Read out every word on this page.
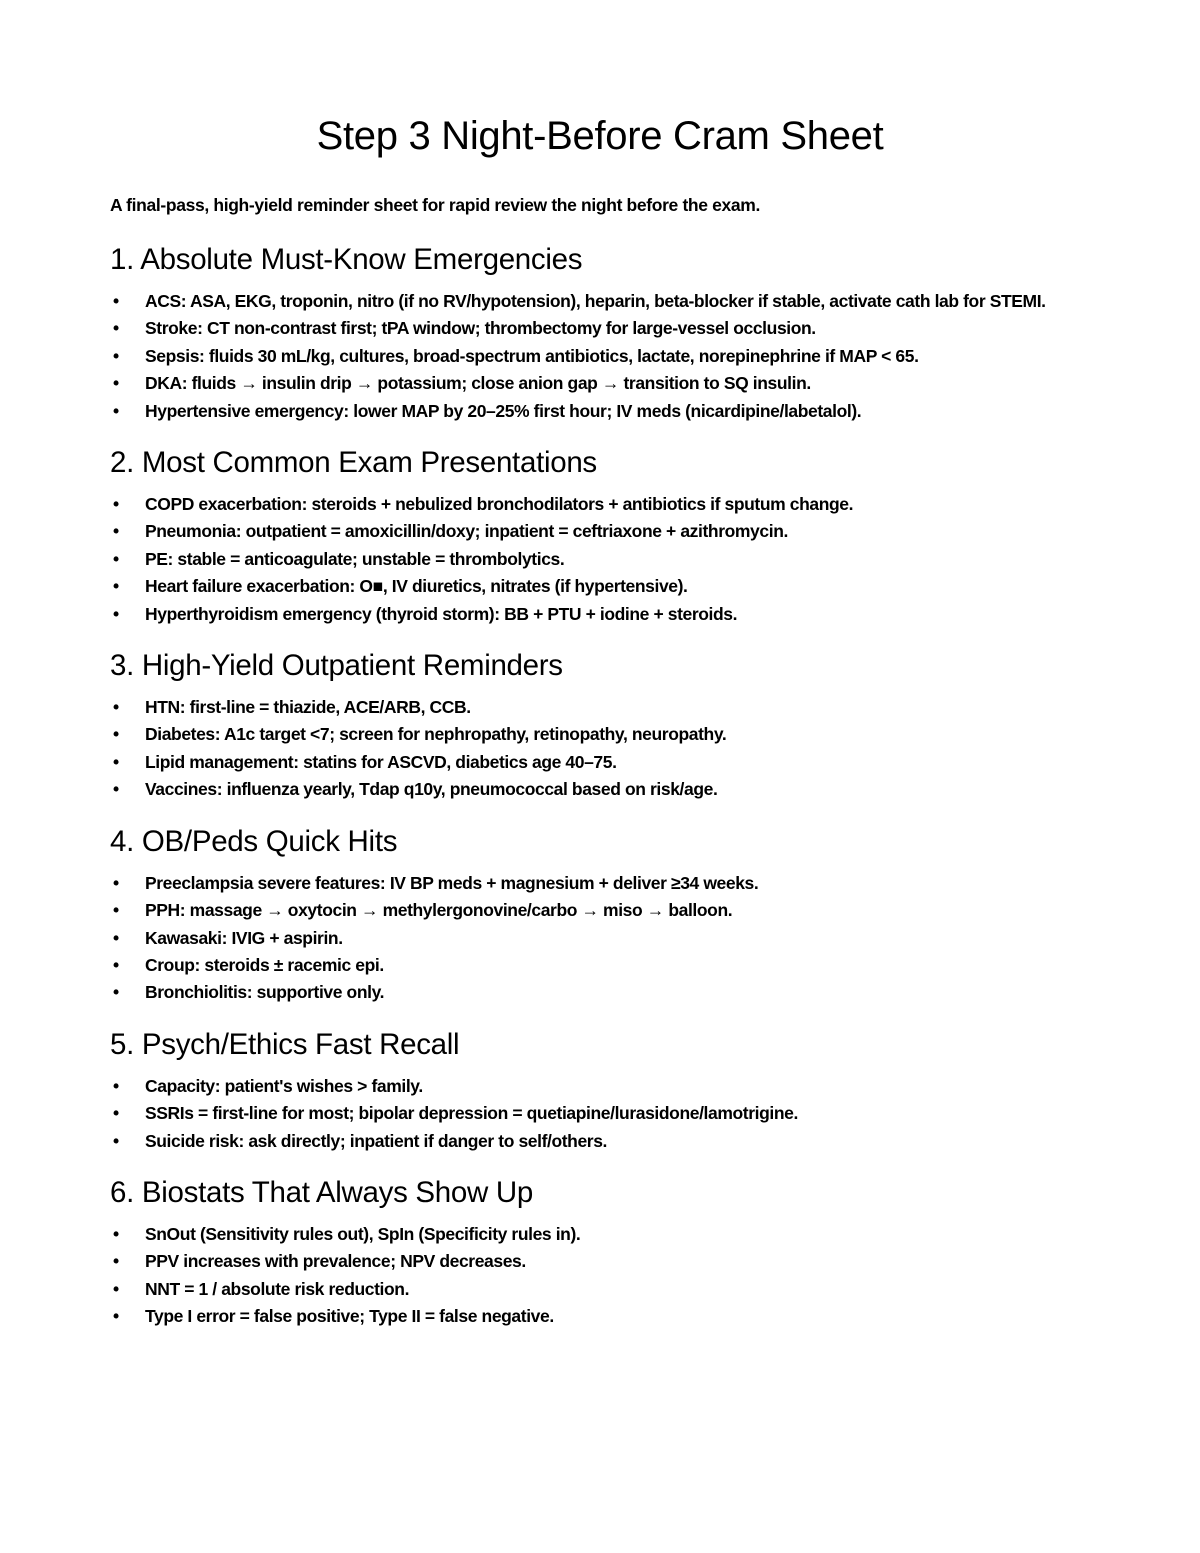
Step 3 Night-Before Cram Sheet

A final-pass, high-yield reminder sheet for rapid review the night before the exam.

1. Absolute Must-Know Emergencies
• ACS: ASA, EKG, troponin, nitro (if no RV/hypotension), heparin, beta-blocker if stable, activate cath lab for STEMI.
• Stroke: CT non-contrast first; tPA window; thrombectomy for large-vessel occlusion.
• Sepsis: fluids 30 mL/kg, cultures, broad-spectrum antibiotics, lactate, norepinephrine if MAP < 65.
• DKA: fluids → insulin drip → potassium; close anion gap → transition to SQ insulin.
• Hypertensive emergency: lower MAP by 20–25% first hour; IV meds (nicardipine/labetalol).
2. Most Common Exam Presentations
• COPD exacerbation: steroids + nebulized bronchodilators + antibiotics if sputum change.
• Pneumonia: outpatient = amoxicillin/doxy; inpatient = ceftriaxone + azithromycin.
• PE: stable = anticoagulate; unstable = thrombolytics.
• Heart failure exacerbation: O■, IV diuretics, nitrates (if hypertensive).
• Hyperthyroidism emergency (thyroid storm): BB + PTU + iodine + steroids.
3. High-Yield Outpatient Reminders
• HTN: first-line = thiazide, ACE/ARB, CCB.
• Diabetes: A1c target <7; screen for nephropathy, retinopathy, neuropathy.
• Lipid management: statins for ASCVD, diabetics age 40–75.
• Vaccines: influenza yearly, Tdap q10y, pneumococcal based on risk/age.
4. OB/Peds Quick Hits
• Preeclampsia severe features: IV BP meds + magnesium + deliver ≥34 weeks.
• PPH: massage → oxytocin → methylergonovine/carbo → miso → balloon.
• Kawasaki: IVIG + aspirin.
• Croup: steroids ± racemic epi.
• Bronchiolitis: supportive only.
5. Psych/Ethics Fast Recall
• Capacity: patient's wishes > family.
• SSRIs = first-line for most; bipolar depression = quetiapine/lurasidone/lamotrigine.
• Suicide risk: ask directly; inpatient if danger to self/others.
6. Biostats That Always Show Up
• SnOut (Sensitivity rules out), SpIn (Specificity rules in).
• PPV increases with prevalence; NPV decreases.
• NNT = 1 / absolute risk reduction.
• Type I error = false positive; Type II = false negative.
